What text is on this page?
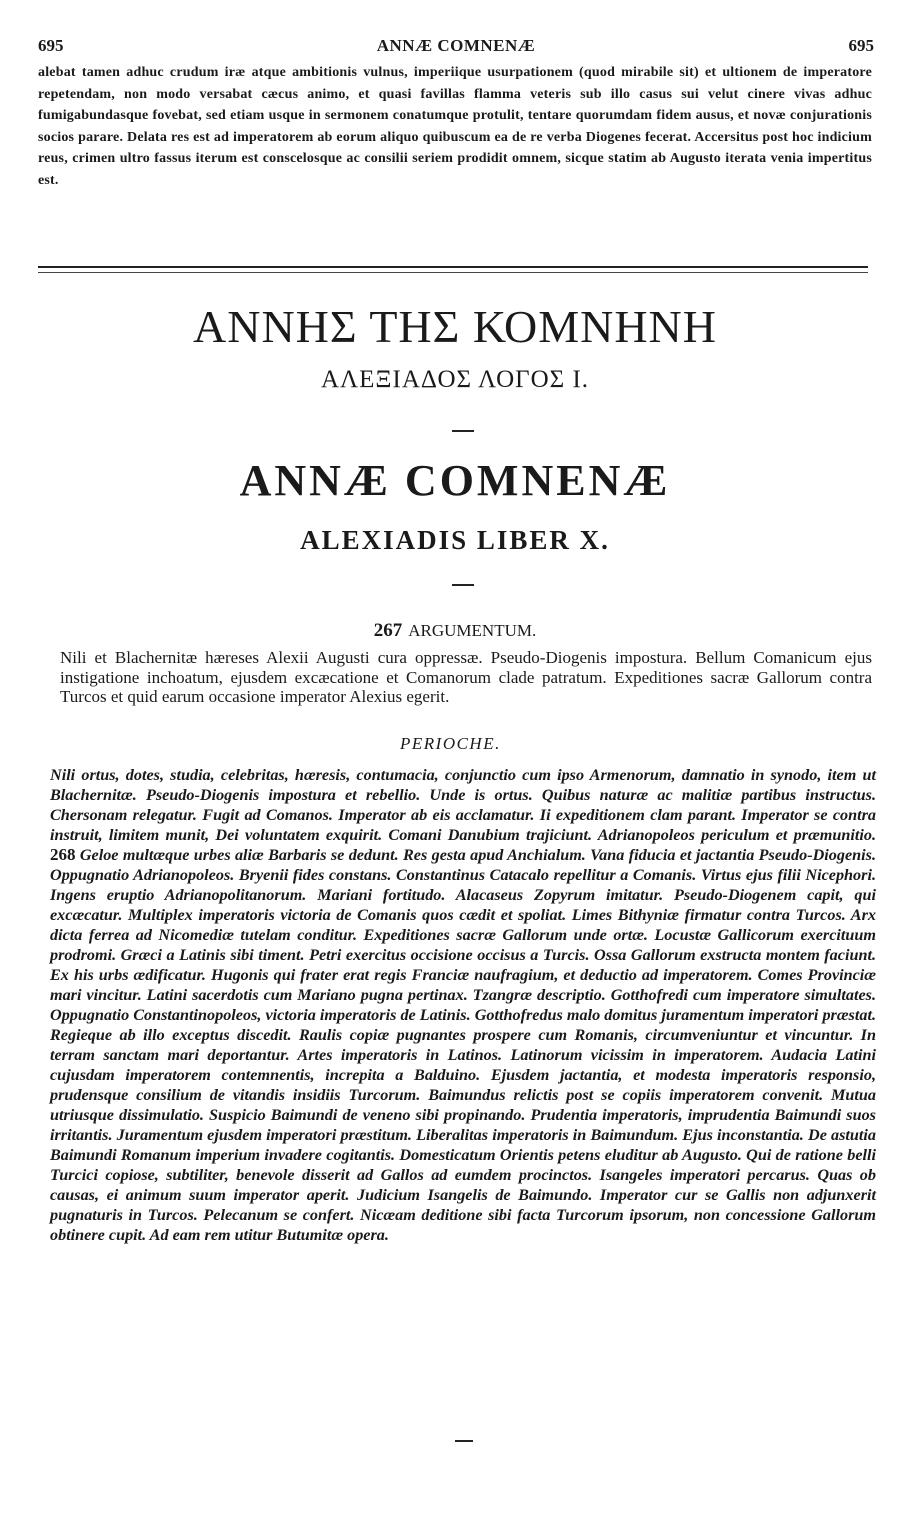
695	ANNÆ COMNENÆ	695
alebat tamen adhuc crudum iræ atque ambitionis vulnus, imperiique usurpationem (quod mirabile sit) et ultionem de imperatore repetendam, non modo versabat cæcus animo, et quasi favillas flamma veteris sub illo casus sui velut cinere vivas adhuc fumigabundasque fovebat, sed etiam usque in sermonem conatumque protulit, tentare quorumdam fidem ausus, et novæ conjurationis socios parare. Delata res est ad imperatorem ab eorum aliquo quibuscum ea de re verba Diogenes fecerat. Accersitus post hoc indicium reus, crimen ultro fassus iterum est conscelosque ac consilii seriem prodidit omnem, sicque statim ab Augusto iterata venia impertitus est.
ΑΝΝΗΣ ΤΗΣ ΚΟΜΝΗΝΗ
ΑΛΕΞΙΑΔΟΣ ΛΟΓΟΣ Ι.
ANNÆ COMNENÆ
ALEXIADIS LIBER X.
267 ARGUMENTUM.
Nili et Blachernitæ hæreses Alexii Augusti cura oppressæ. Pseudo-Diogenis impostura. Bellum Comanicum ejus instigatione inchoatum, ejusdem excæcatione et Comanorum clade patratum. Expeditiones sacræ Gallorum contra Turcos et quid earum occasione imperator Alexius egerit.
PERIOCHE.
Nili ortus, dotes, studia, celebritas, hæresis, contumacia, conjunctio cum ipso Armenorum, damnatio in synodo, item ut Blachernitæ. Pseudo-Diogenis impostura et rebellio. Unde is ortus. Quibus naturæ ac malitiæ partibus instructus. Chersonam relegatur. Fugit ad Comanos. Imperator ab eis acclamatur. Ii expeditionem clam parant. Imperator se contra instruit, limitem munit, Dei voluntatem exquirit. Comani Danubium trajiciunt. Adrianopoleos periculum et præmunitio. 268 Geloe multæque urbes aliæ Barbaris se dedunt. Res gesta apud Anchialum. Vana fiducia et jactantia Pseudo-Diogenis. Oppugnatio Adrianopoleos. Bryenii fides constans. Constantinus Catacalo repellitur a Comanis. Virtus ejus filii Nicephori. Ingens eruptio Adrianopolitanorum. Mariani fortitudo. Alacaseus Zopyrum imitatur. Pseudo-Diogenem capit, qui excæcatur. Multiplex imperatoris victoria de Comanis quos cædit et spoliat. Limes Bithyniæ firmatur contra Turcos. Arx dicta ferrea ad Nicomediæ tutelam conditur. Expeditiones sacræ Gallorum unde ortæ. Locustæ Gallicorum exercituum prodromi. Græci a Latinis sibi timent. Petri exercitus occisione occisus a Turcis. Ossa Gallorum exstructa montem faciunt. Ex his urbs ædificatur. Hugonis qui frater erat regis Franciæ naufragium, et deductio ad imperatorem. Comes Provinciæ mari vincitur. Latini sacerdotis cum Mariano pugna pertinax. Tzangræ descriptio. Gotthofredi cum imperatore simultates. Oppugnatio Constantinopoleos, victoria imperatoris de Latinis. Gotthofredus malo domitus juramentum imperatori præstat. Regieque ab illo exceptus discedit. Raulis copiæ pugnantes prospere cum Romanis, circumveniuntur et vincuntur. In terram sanctam mari deportantur. Artes imperatoris in Latinos. Latinorum vicissim in imperatorem. Audacia Latini cujusdam imperatorem contemnentis, increpita a Balduino. Ejusdem jactantia, et modesta imperatoris responsio, prudensque consilium de vitandis insidiis Turcorum. Baimundus relictis post se copiis imperatorem convenit. Mutua utriusque dissimulatio. Suspicio Baimundi de veneno sibi propinando. Prudentia imperatoris, imprudentia Baimundi suos irritantis. Juramentum ejusdem imperatori præstitum. Liberalitas imperatoris in Baimundum. Ejus inconstantia. De astutia Baimundi Romanum imperium invadere cogitantis. Domesticatum Orientis petens eluditur ab Augusto. Qui de ratione belli Turcici copiose, subtiliter, benevole disserit ad Gallos ad eumdem procinctos. Isangeles imperatori percarus. Quas ob causas, ei animum suum imperator aperit. Judicium Isangelis de Baimundo. Imperator cur se Gallis non adjunxerit pugnaturis in Turcos. Pelecanum se confert. Nicæam deditione sibi facta Turcorum ipsorum, non concessione Gallorum obtinere cupit. Ad eam rem utitur Butumitæ opera.
